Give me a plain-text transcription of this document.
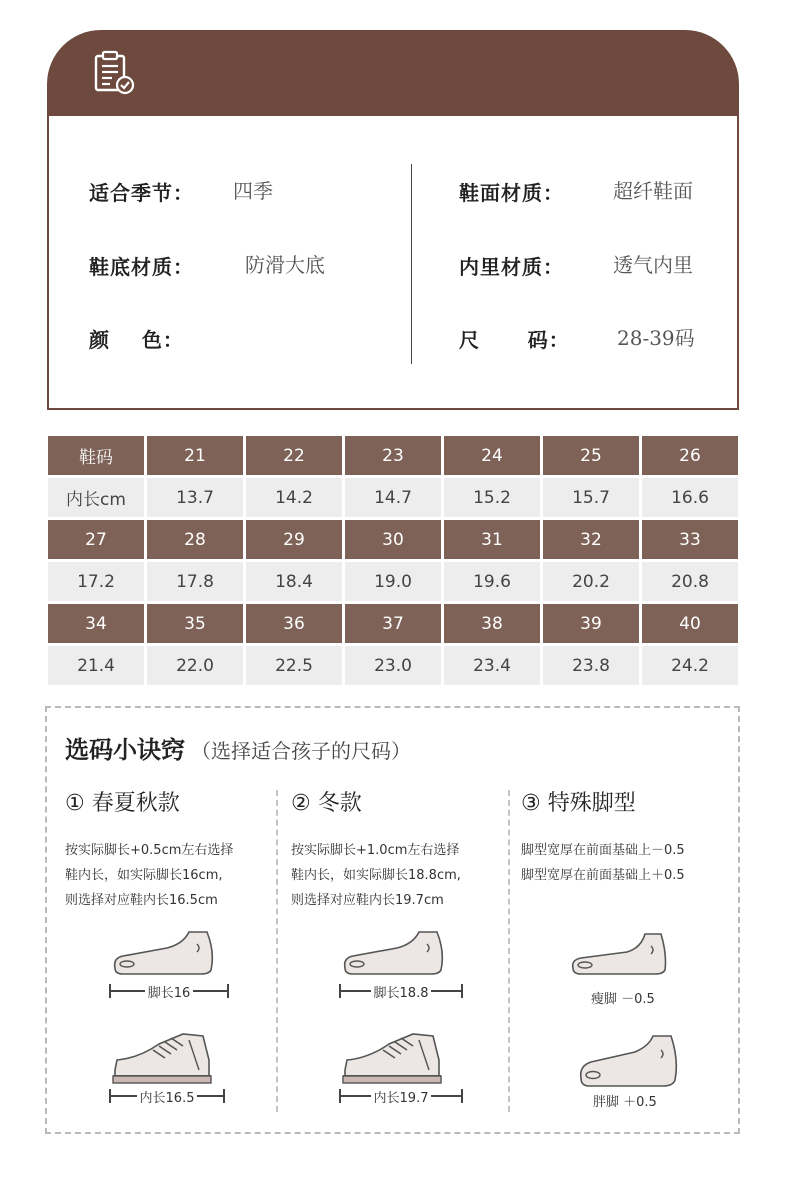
适合季节： 四季
鞋底材质：	防滑大底
颜    色：
鞋面材质： 超纤鞋面
内里材质： 透气内里
尺      码： 28-39码
鞋码	21	22	23	24	25	26
内长cm	13.7	14.2	14.7	15.2	15.7	16.6
27	28	29	30	31	32	33
17.2	17.8	18.4	19.0	19.6	20.2	20.8
34	35	36	37	38	39	40
21.4	22.0	22.5	23.0	23.4	23.8	24.2
选码小诀窍 （选择适合孩子的尺码）
① 春夏秋款
按实际脚长+0.5cm左右选择
鞋内长，如实际脚长16cm,
则选择对应鞋内长16.5cm
脚长16
内长16.5
② 冬款
按实际脚长+1.0cm左右选择
鞋内长，如实际脚长18.8cm,
则选择对应鞋内长19.7cm
脚长18.8
内长19.7
③ 特殊脚型
脚型宽厚在前面基础上－0.5
脚型宽厚在前面基础上＋0.5
瘦脚 －0.5
胖脚 ＋0.5
